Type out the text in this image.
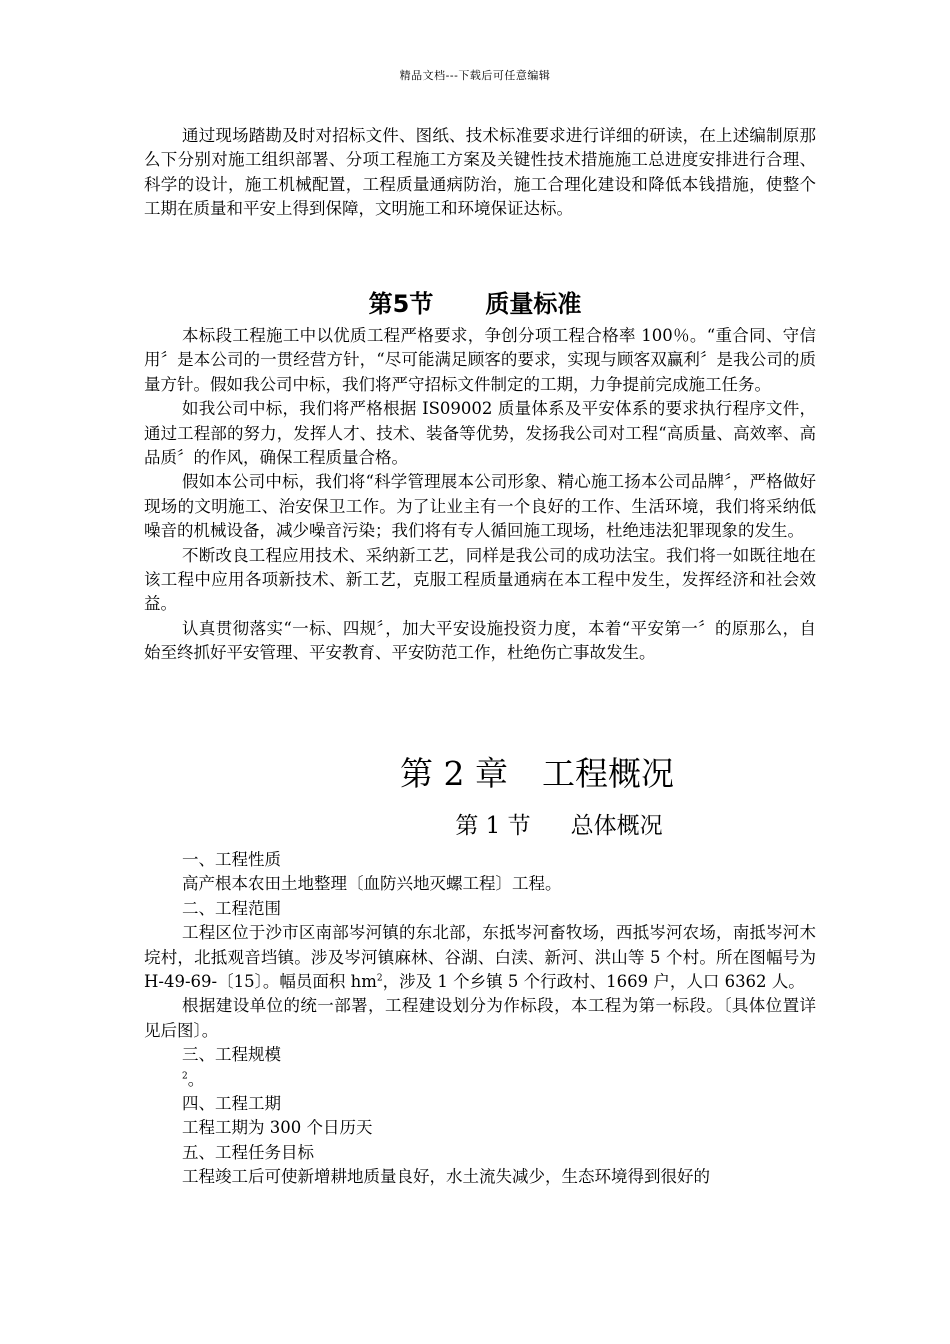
精品文档---下载后可任意编辑

通过现场踏勘及时对招标文件、图纸、技术标准要求进行详细的研读，在上述编制原那么下分别对施工组织部署、分项工程施工方案及关键性技术措施施工总进度安排进行合理、科学的设计，施工机械配置，工程质量通病防治，施工合理化建设和降低本钱措施，使整个工期在质量和平安上得到保障，文明施工和环境保证达标。

第5节 质量标准

本标段工程施工中以优质工程严格要求，争创分项工程合格率 100％。“重合同、守信用〞是本公司的一贯经营方针，“尽可能满足顾客的要求，实现与顾客双赢利〞是我公司的质量方针。假如我公司中标，我们将严守招标文件制定的工期，力争提前完成施工任务。

如我公司中标，我们将严格根据 IS09002 质量体系及平安体系的要求执行程序文件，通过工程部的努力，发挥人才、技术、装备等优势，发扬我公司对工程“高质量、高效率、高品质〞的作风，确保工程质量合格。

假如本公司中标，我们将“科学管理展本公司形象、精心施工扬本公司品牌〞，严格做好现场的文明施工、治安保卫工作。为了让业主有一个良好的工作、生活环境，我们将采纳低噪音的机械设备，减少噪音污染；我们将有专人循回施工现场，杜绝违法犯罪现象的发生。

不断改良工程应用技术、采纳新工艺，同样是我公司的成功法宝。我们将一如既往地在该工程中应用各项新技术、新工艺，克服工程质量通病在本工程中发生，发挥经济和社会效益。

认真贯彻落实“一标、四规〞，加大平安设施投资力度，本着“平安第一〞的原那么，自始至终抓好平安管理、平安教育、平安防范工作，杜绝伤亡事故发生。

第 2 章 工程概况
第 1 节 总体概况

一、工程性质

高产根本农田土地整理〔血防兴地灭螺工程〕工程。

二、工程范围

工程区位于沙市区南部岑河镇的东北部，东抵岑河畜牧场，西抵岑河农场，南抵岑河木垸村，北抵观音垱镇。涉及岑河镇麻林、谷湖、白渎、新河、洪山等 5 个村。所在图幅号为 H-49-69-〔15〕。幅员面积 $hm^2$，涉及 1 个乡镇 5 个行政村、1669 户，人口 6362 人。

根据建设单位的统一部署，工程建设划分为作标段，本工程为第一标段。〔具体位置详见后图〕。

三、工程规模

$^2$。

四、工程工期

工程工期为 300 个日历天

五、工程任务目标

工程竣工后可使新增耕地质量良好，水土流失减少，生态环境得到很好的
